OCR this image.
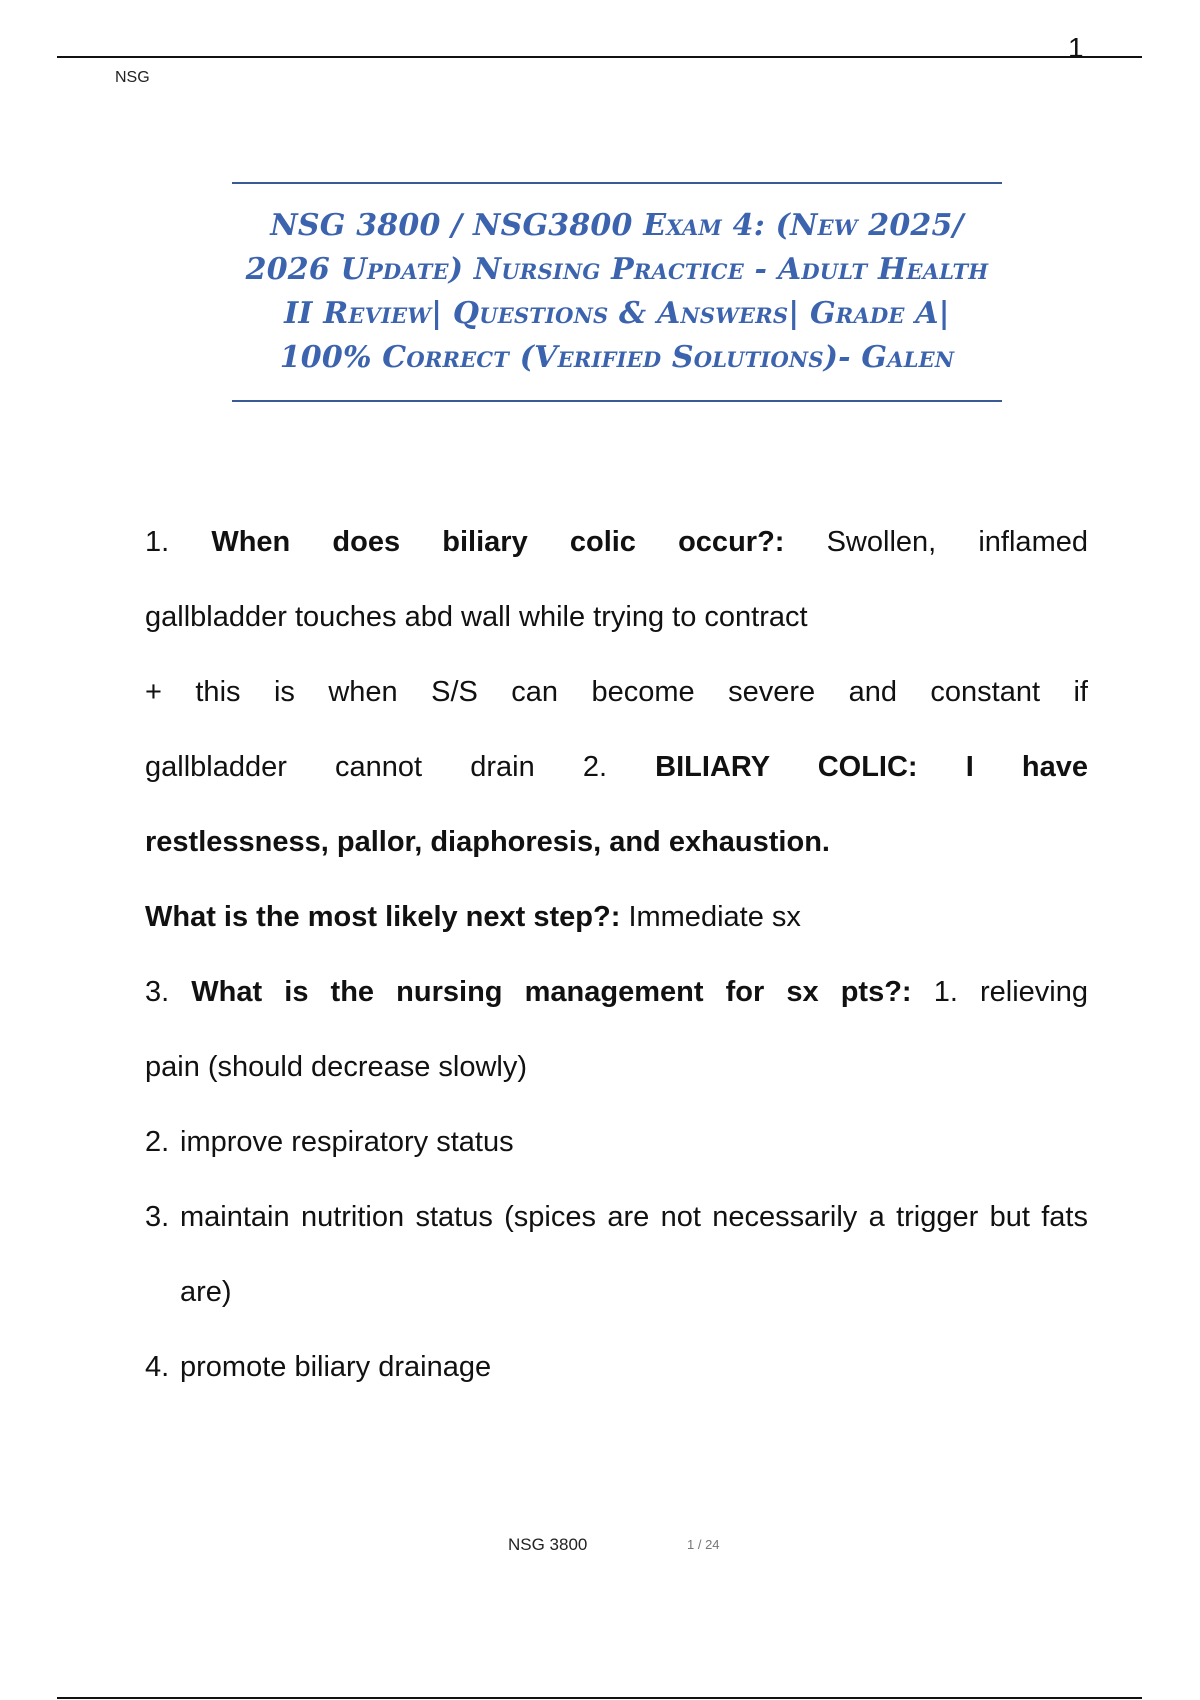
1
NSG
NSG 3800 / NSG3800 Exam 4: (New 2025/
2026 Update) Nursing Practice - Adult Health
II Review| Questions & Answers| Grade A|
100% Correct (Verified Solutions)- Galen

1. When does biliary colic occur?: Swollen, inflamed

gallbladder touches abd wall while trying to contract

+ this is when S/S can become severe and constant if

gallbladder cannot drain 2. BILIARY COLIC: I have

restlessness, pallor, diaphoresis, and exhaustion.

What is the most likely next step?: Immediate sx

3. What is the nursing management for sx pts?: 1. relieving

pain (should decrease slowly)

2. improve respiratory status
3. maintain nutrition status (spices are not necessarily a trigger but fats are)
4. promote biliary drainage
NSG 3800	1 / 24
